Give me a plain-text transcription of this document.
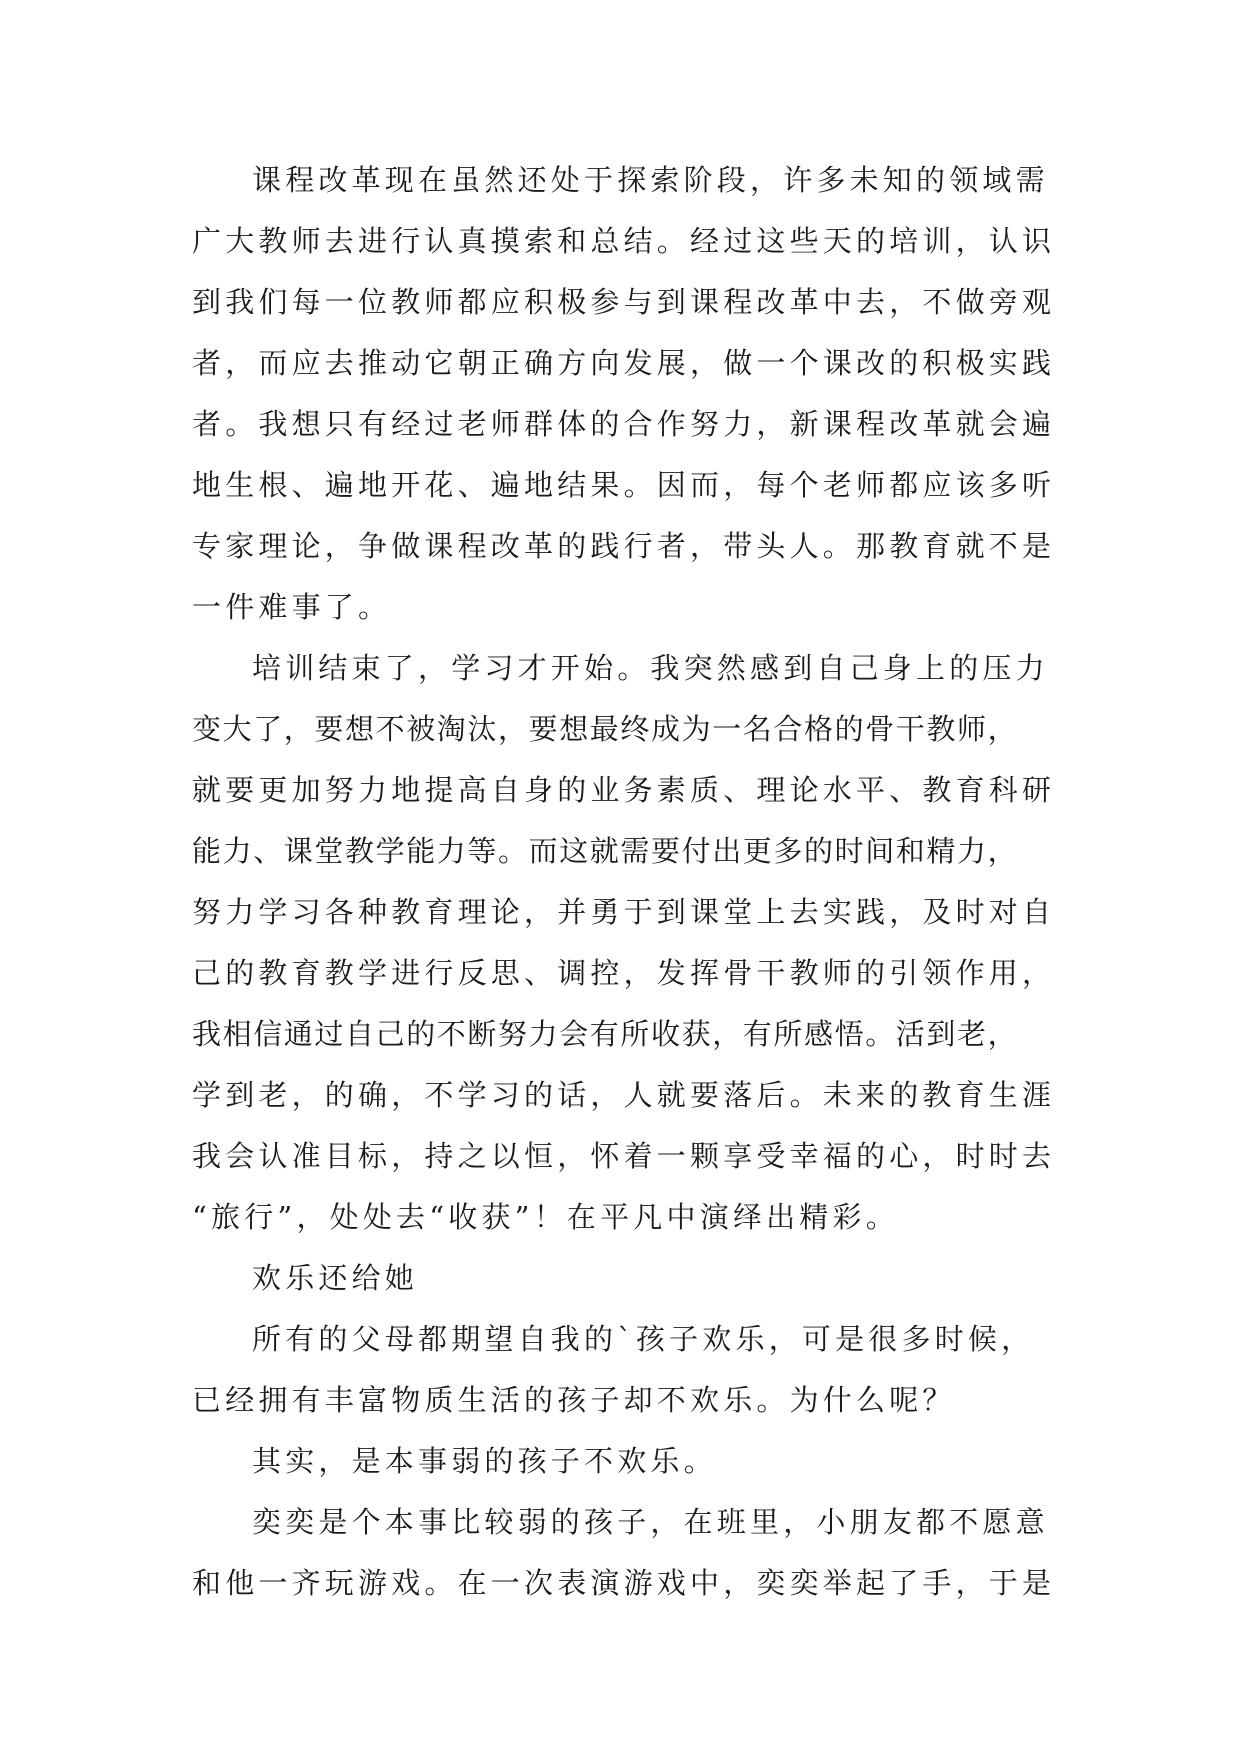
课程改革现在虽然还处于探索阶段，许多未知的领域需
广大教师去进行认真摸索和总结。经过这些天的培训，认识
到我们每一位教师都应积极参与到课程改革中去，不做旁观
者，而应去推动它朝正确方向发展，做一个课改的积极实践
者。我想只有经过老师群体的合作努力，新课程改革就会遍
地生根、遍地开花、遍地结果。因而，每个老师都应该多听
专家理论，争做课程改革的践行者，带头人。那教育就不是
一件难事了。
培训结束了，学习才开始。我突然感到自己身上的压力
变大了，要想不被淘汰，要想最终成为一名合格的骨干教师，
就要更加努力地提高自身的业务素质、理论水平、教育科研
能力、课堂教学能力等。而这就需要付出更多的时间和精力，
努力学习各种教育理论，并勇于到课堂上去实践，及时对自
己的教育教学进行反思、调控，发挥骨干教师的引领作用，
我相信通过自己的不断努力会有所收获，有所感悟。活到老，
学到老，的确，不学习的话，人就要落后。未来的教育生涯
我会认准目标，持之以恒，怀着一颗享受幸福的心，时时去
“旅行”，处处去“收获”！在平凡中演绎出精彩。
欢乐还给她
所有的父母都期望自我的`孩子欢乐，可是很多时候，
已经拥有丰富物质生活的孩子却不欢乐。为什么呢？
其实，是本事弱的孩子不欢乐。
奕奕是个本事比较弱的孩子，在班里，小朋友都不愿意
和他一齐玩游戏。在一次表演游戏中，奕奕举起了手，于是
